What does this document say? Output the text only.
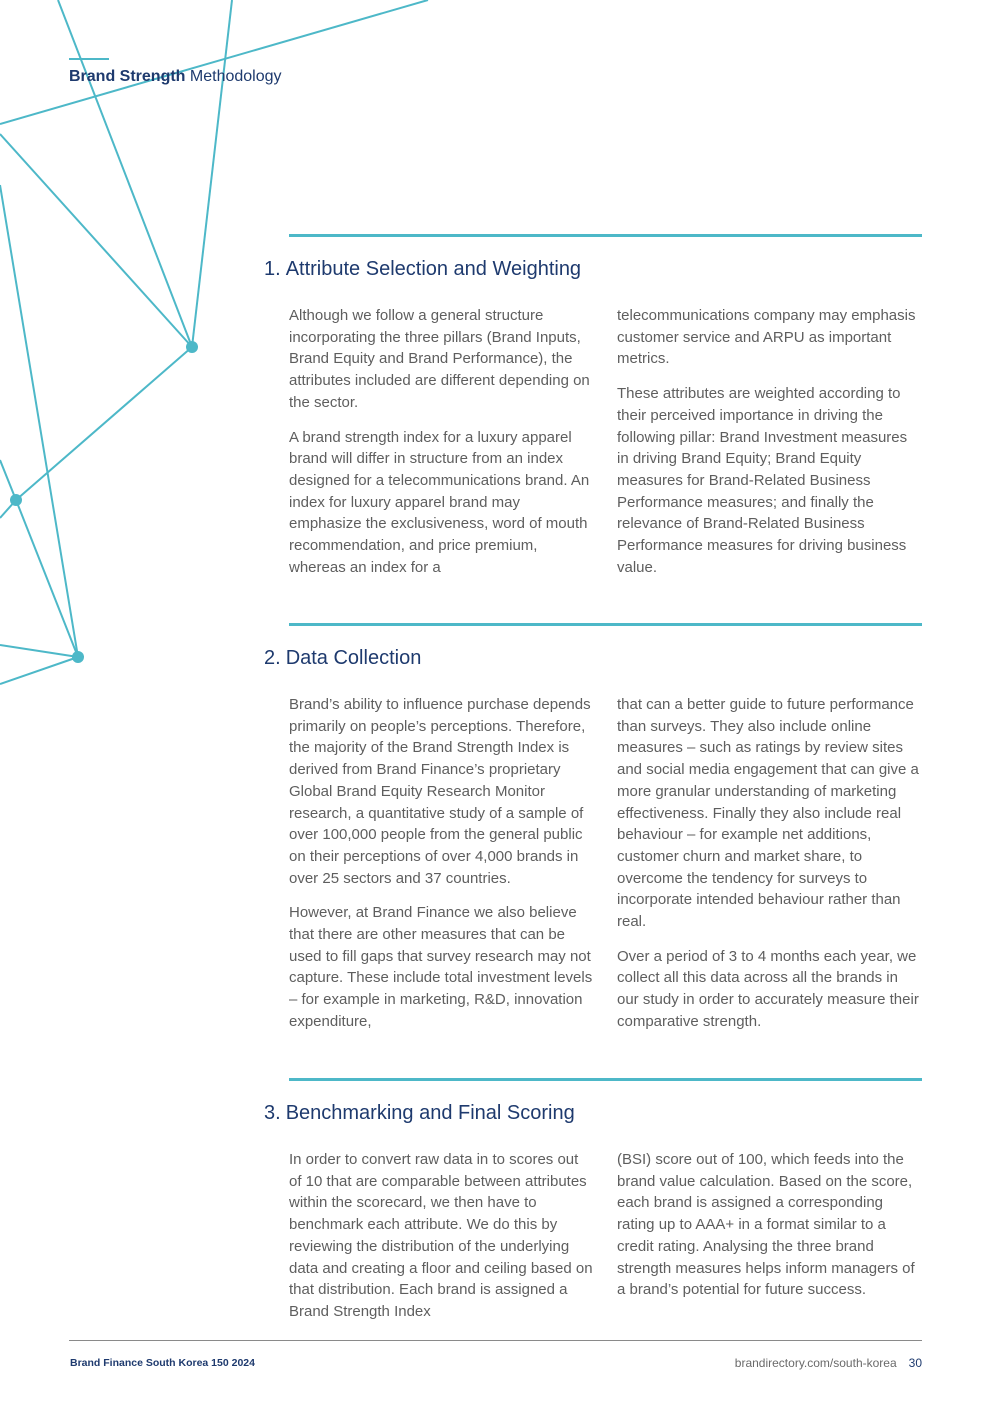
Brand Strength Methodology
1. Attribute Selection and Weighting

Although we follow a general structure incorporating the three pillars (Brand Inputs, Brand Equity and Brand Performance), the attributes included are different depending on the sector.

A brand strength index for a luxury apparel brand will differ in structure from an index designed for a telecommunications brand. An index for luxury apparel brand may emphasize the exclusiveness, word of mouth recommendation, and price premium, whereas an index for a

telecommunications company may emphasis customer service and ARPU as important metrics.

These attributes are weighted according to their perceived importance in driving the following pillar: Brand Investment measures in driving Brand Equity; Brand Equity measures for Brand-Related Business Performance measures; and finally the relevance of Brand-Related Business Performance measures for driving business value.

2. Data Collection

Brand’s ability to influence purchase depends primarily on people’s perceptions. Therefore, the majority of the Brand Strength Index is derived from Brand Finance’s proprietary Global Brand Equity Research Monitor research, a quantitative study of a sample of over 100,000 people from the general public on their perceptions of over 4,000 brands in over 25 sectors and 37 countries.

However, at Brand Finance we also believe that there are other measures that can be used to fill gaps that survey research may not capture. These include total investment levels – for example in marketing, R&D, innovation expenditure,

that can a better guide to future performance than surveys. They also include online measures – such as ratings by review sites and social media engagement that can give a more granular understanding of marketing effectiveness. Finally they also include real behaviour – for example net additions, customer churn and market share, to overcome the tendency for surveys to incorporate intended behaviour rather than real.

Over a period of 3 to 4 months each year, we collect all this data across all the brands in our study in order to accurately measure their comparative strength.

3. Benchmarking and Final Scoring

In order to convert raw data in to scores out of 10 that are comparable between attributes within the scorecard, we then have to benchmark each attribute. We do this by reviewing the distribution of the underlying data and creating a floor and ceiling based on that distribution. Each brand is assigned a Brand Strength Index

(BSI) score out of 100, which feeds into the brand value calculation. Based on the score, each brand is assigned a corresponding rating up to AAA+ in a format similar to a credit rating. Analysing the three brand strength measures helps inform managers of a brand’s potential for future success.

Brand Finance South Korea 150 2024	brandirectory.com/south-korea 30
